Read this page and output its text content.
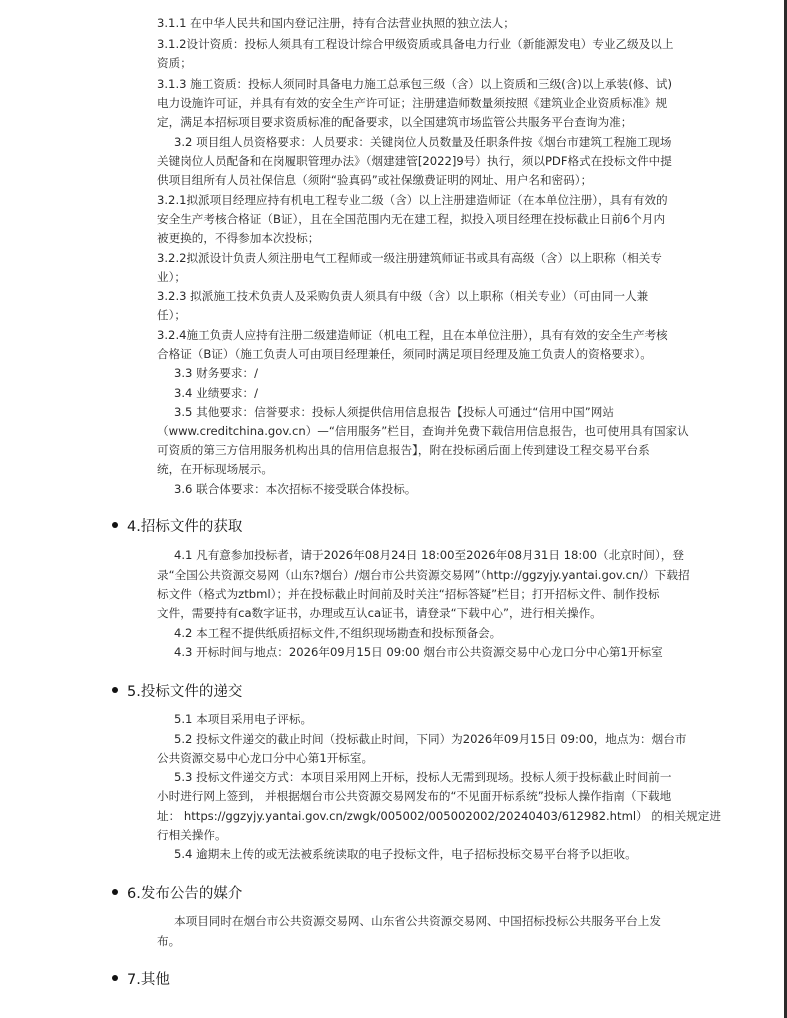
3.1.1 在中华人民共和国内登记注册，持有合法营业执照的独立法人；
3.1.2设计资质：投标人须具有工程设计综合甲级资质或具备电力行业（新能源发电）专业乙级及以上
资质；
3.1.3 施工资质：投标人须同时具备电力施工总承包三级（含）以上资质和三级(含)以上承装(修、试)
电力设施许可证，并具有有效的安全生产许可证；注册建造师数量须按照《建筑业企业资质标准》规
定，满足本招标项目要求资质标准的配备要求，以全国建筑市场监管公共服务平台查询为准；
3.2 项目组人员资格要求：人员要求：关键岗位人员数量及任职条件按《烟台市建筑工程施工现场
关键岗位人员配备和在岗履职管理办法》（烟建建管[2022]9号）执行，须以PDF格式在投标文件中提
供项目组所有人员社保信息（须附“验真码”或社保缴费证明的网址、用户名和密码）；
3.2.1拟派项目经理应持有机电工程专业二级（含）以上注册建造师证（在本单位注册），具有有效的
安全生产考核合格证（B证），且在全国范围内无在建工程，拟投入项目经理在投标截止日前6个月内
被更换的，不得参加本次投标；
3.2.2拟派设计负责人须注册电气工程师或一级注册建筑师证书或具有高级（含）以上职称（相关专
业）；
3.2.3 拟派施工技术负责人及采购负责人须具有中级（含）以上职称（相关专业）（可由同一人兼
任）；
3.2.4施工负责人应持有注册二级建造师证（机电工程，且在本单位注册），具有有效的安全生产考核
合格证（B证）（施工负责人可由项目经理兼任，须同时满足项目经理及施工负责人的资格要求）。
3.3 财务要求：/
3.4 业绩要求：/
3.5 其他要求：信誉要求：投标人须提供信用信息报告【投标人可通过“信用中国”网站
（www.creditchina.gov.cn）—“信用服务”栏目，查询并免费下载信用信息报告，也可使用具有国家认
可资质的第三方信用服务机构出具的信用信息报告】，附在投标函后面上传到建设工程交易平台系
统，在开标现场展示。
3.6 联合体要求：本次招标不接受联合体投标。
4.招标文件的获取
4.1 凡有意参加投标者，请于2026年08月24日 18:00至2026年08月31日 18:00（北京时间），登
录“全国公共资源交易网（山东?烟台）/烟台市公共资源交易网”（http://ggzyjy.yantai.gov.cn/）下载招
标文件（格式为ztbml）；并在投标截止时间前及时关注“招标答疑”栏目；打开招标文件、制作投标
文件，需要持有ca数字证书，办理或互认ca证书，请登录“下载中心”，进行相关操作。
4.2 本工程不提供纸质招标文件,不组织现场勘查和投标预备会。
4.3 开标时间与地点：2026年09月15日 09:00 烟台市公共资源交易中心龙口分中心第1开标室
5.投标文件的递交
5.1 本项目采用电子评标。
5.2 投标文件递交的截止时间（投标截止时间，下同）为2026年09月15日 09:00，地点为：烟台市
公共资源交易中心龙口分中心第1开标室。
5.3 投标文件递交方式：本项目采用网上开标，投标人无需到现场。投标人须于投标截止时间前一
小时进行网上签到， 并根据烟台市公共资源交易网发布的“不见面开标系统”投标人操作指南（下载地
址： https://ggzyjy.yantai.gov.cn/zwgk/005002/005002002/20240403/612982.html） 的相关规定进
行相关操作。
5.4 逾期未上传的或无法被系统读取的电子投标文件，电子招标投标交易平台将予以拒收。
6.发布公告的媒介
本项目同时在烟台市公共资源交易网、山东省公共资源交易网、中国招标投标公共服务平台上发
布。
7.其他
